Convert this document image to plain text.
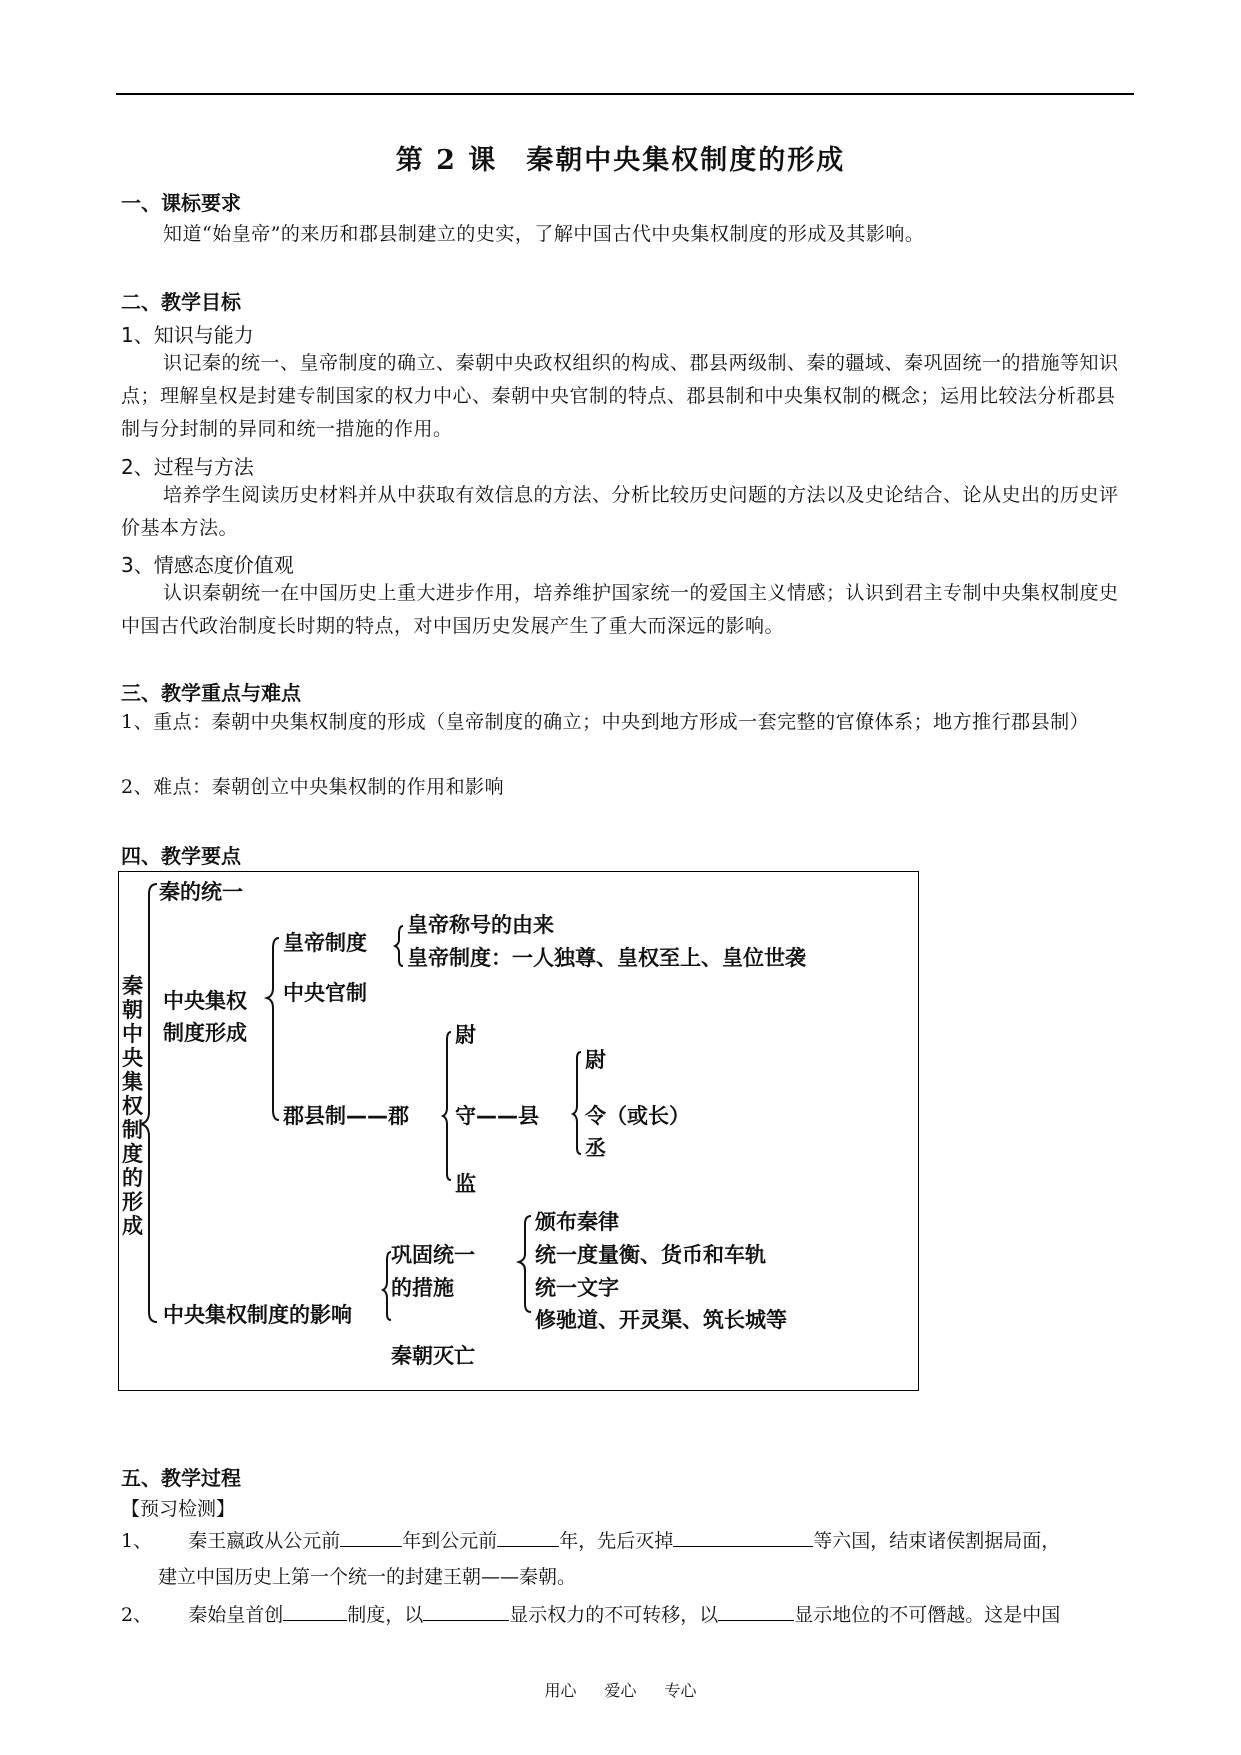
第 2 课　秦朝中央集权制度的形成
一、课标要求
知道“始皇帝”的来历和郡县制建立的史实，了解中国古代中央集权制度的形成及其影响。
二、教学目标
1、知识与能力
识记秦的统一、皇帝制度的确立、秦朝中央政权组织的构成、郡县两级制、秦的疆域、秦巩固统一的措施等知识点；理解皇权是封建专制国家的权力中心、秦朝中央官制的特点、郡县制和中央集权制的概念；运用比较法分析郡县制与分封制的异同和统一措施的作用。
2、过程与方法
培养学生阅读历史材料并从中获取有效信息的方法、分析比较历史问题的方法以及史论结合、论从史出的历史评价基本方法。
3、情感态度价值观
认识秦朝统一在中国历史上重大进步作用，培养维护国家统一的爱国主义情感；认识到君主专制中央集权制度史中国古代政治制度长时期的特点，对中国历史发展产生了重大而深远的影响。
三、教学重点与难点
1、重点：秦朝中央集权制度的形成（皇帝制度的确立；中央到地方形成一套完整的官僚体系；地方推行郡县制）
2、难点：秦朝创立中央集权制的作用和影响
四、教学要点
秦朝中央集权制度的形成
秦的统一
中央集权
制度形成
皇帝制度
皇帝称号的由来
皇帝制度：一人独尊、皇权至上、皇位世袭
中央官制
郡县制——郡
尉
守——县
监
尉
令（或长）
丞
巩固统一
的措施
颁布秦律
统一度量衡、货币和车轨
统一文字
修驰道、开灵渠、筑长城等
中央集权制度的影响
秦朝灭亡
五、教学过程
【预习检测】
1、 秦王嬴政从公元前	年到公元前	年，先后灭掉	等六国，结束诸侯割据局面，
建立中国历史上第一个统一的封建王朝——秦朝。
2、 秦始皇首创	制度，以	显示权力的不可转移，以	显示地位的不可僭越。这是中国
用心 爱心 专心
